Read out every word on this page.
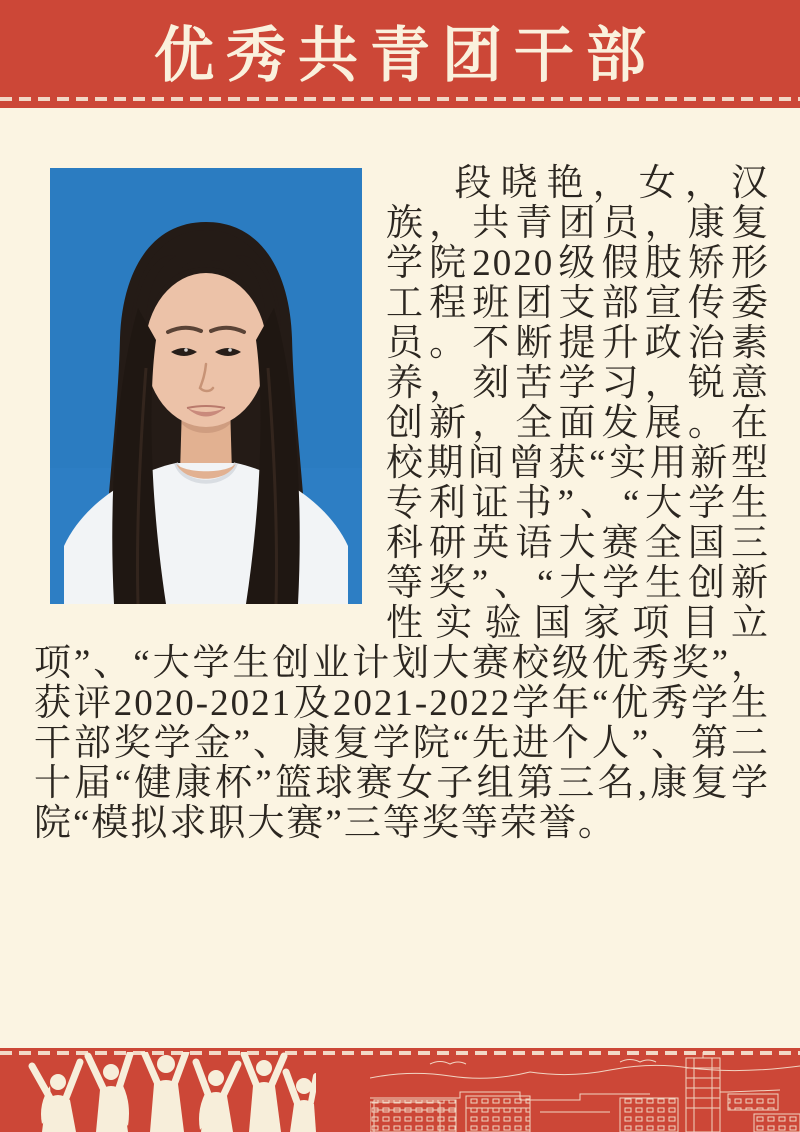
优秀共青团干部

段晓艳，女，汉族，共青团员，康复学院2020级假肢矫形工程班团支部宣传委员。不断提升政治素养，刻苦学习，锐意创新，全面发展。在校期间曾获“实用新型专利证书”、“大学生科研英语大赛全国三等奖”、“大学生创新性实验国家项目立项”、“大学生创业计划大赛校级优秀奖”，获评2020-2021及2021-2022学年“优秀学生干部奖学金”、康复学院“先进个人”、第二十届“健康杯”篮球赛女子组第三名,康复学院“模拟求职大赛”三等奖等荣誉。
